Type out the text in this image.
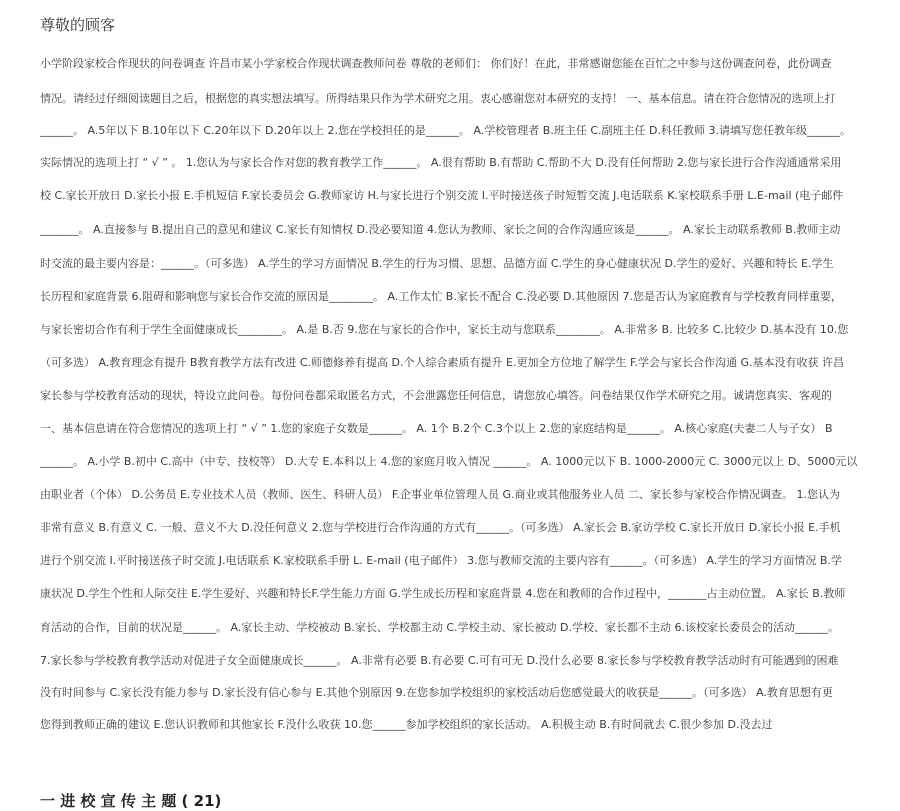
尊敬的顾客
小学阶段家校合作现状的问卷调查 许昌市某小学家校合作现状调查教师问卷 尊敬的老师们： 你们好！在此，非常感谢您能在百忙之中参与这份调查问卷，此份调查
情况。请经过仔细阅读题目之后，根据您的真实想法填写。所得结果只作为学术研究之用。衷心感谢您对本研究的支持！ 一、基本信息。请在符合您情况的选项上打
______。 A.5年以下 B.10年以下 C.20年以下 D.20年以上 2.您在学校担任的是______。 A.学校管理者 B.班主任 C.副班主任 D.科任教师 3.请填写您任教年级______。
实际情况的选项上打 “ √ ” 。 1.您认为与家长合作对您的教育教学工作______。 A.很有帮助 B.有帮助 C.帮助不大 D.没有任何帮助 2.您与家长进行合作沟通通常采用
校 C.家长开放日 D.家长小报 E.手机短信 F.家长委员会 G.教师家访 H.与家长进行个别交流 I.平时接送孩子时短暂交流 J.电话联系 K.家校联系手册 L.E-mail (电子邮件
_______。 A.直接参与 B.提出自己的意见和建议 C.家长有知情权 D.没必要知道 4.您认为教师、家长之间的合作沟通应该是______。 A.家长主动联系教师 B.教师主动
时交流的最主要内容是：______。（可多选） A.学生的学习方面情况 B.学生的行为习惯、思想、品德方面 C.学生的身心健康状况 D.学生的爱好、兴趣和特长 E.学生
长历程和家庭背景 6.阻碍和影响您与家长合作交流的原因是________。 A.工作太忙 B.家长不配合 C.没必要 D.其他原因 7.您是否认为家庭教育与学校教育同样重要，
与家长密切合作有利于学生全面健康成长________。 A.是 B.否 9.您在与家长的合作中，家长主动与您联系________。 A.非常多 B. 比较多 C.比较少 D.基本没有 10.您
（可多选） A.教育理念有提升 B教育教学方法有改进 C.师德修养有提高 D.个人综合素质有提升 E.更加全方位地了解学生 F.学会与家长合作沟通 G.基本没有收获 许昌
家长参与学校教育活动的现状，特设立此问卷。每份问卷都采取匿名方式，不会泄露您任何信息，请您放心填答。问卷结果仅作学术研究之用。诚请您真实、客观的
一、基本信息请在符合您情况的选项上打 “ √ ” 1.您的家庭子女数是______。 A. 1个 B.2个 C.3个以上 2.您的家庭结构是______。 A.核心家庭(夫妻二人与子女） B
______。 A.小学 B.初中 C.高中（中专、技校等） D.大专 E.本科以上 4.您的家庭月收入情况 ______。 A. 1000元以下 B. 1000-2000元 C. 3000元以上 D、5000元以
由职业者（个体） D.公务员 E.专业技术人员（教师、医生、科研人员） F.企事业单位管理人员 G.商业或其他服务业人员 二、家长参与家校合作情况调查。 1.您认为
非常有意义 B.有意义 C. 一般、意义不大 D.没任何意义 2.您与学校进行合作沟通的方式有______。（可多选） A.家长会 B.家访学校 C.家长开放日 D.家长小报 E.手机
进行个别交流 I.平时接送孩子时交流 J.电话联系 K.家校联系手册 L. E-mail (电子邮件） 3.您与教师交流的主要内容有______。（可多选） A.学生的学习方面情况 B.学
康状况 D.学生个性和人际交往 E.学生爱好、兴趣和特长F.学生能力方面 G.学生成长历程和家庭背景 4.您在和教师的合作过程中，_______占主动位置。 A.家长 B.教师
育活动的合作，目前的状况是______。 A.家长主动、学校被动 B.家长、学校都主动 C.学校主动、家长被动 D.学校、家长都不主动 6.该校家长委员会的活动______。
7.家长参与学校教育教学活动对促进子女全面健康成长______。 A.非常有必要 B.有必要 C.可有可无 D.没什么必要 8.家长参与学校教育教学活动时有可能遇到的困难
没有时间参与 C.家长没有能力参与 D.家长没有信心参与 E.其他个别原因 9.在您参加学校组织的家校活动后您感觉最大的收获是______。（可多选） A.教育思想有更
您得到教师正确的建议 E.您认识教师和其他家长 F.没什么收获 10.您______参加学校组织的家长活动。 A.积极主动 B.有时间就去 C.很少参加 D.没去过
一 进 校 宣 传 主 题 ( 21)
